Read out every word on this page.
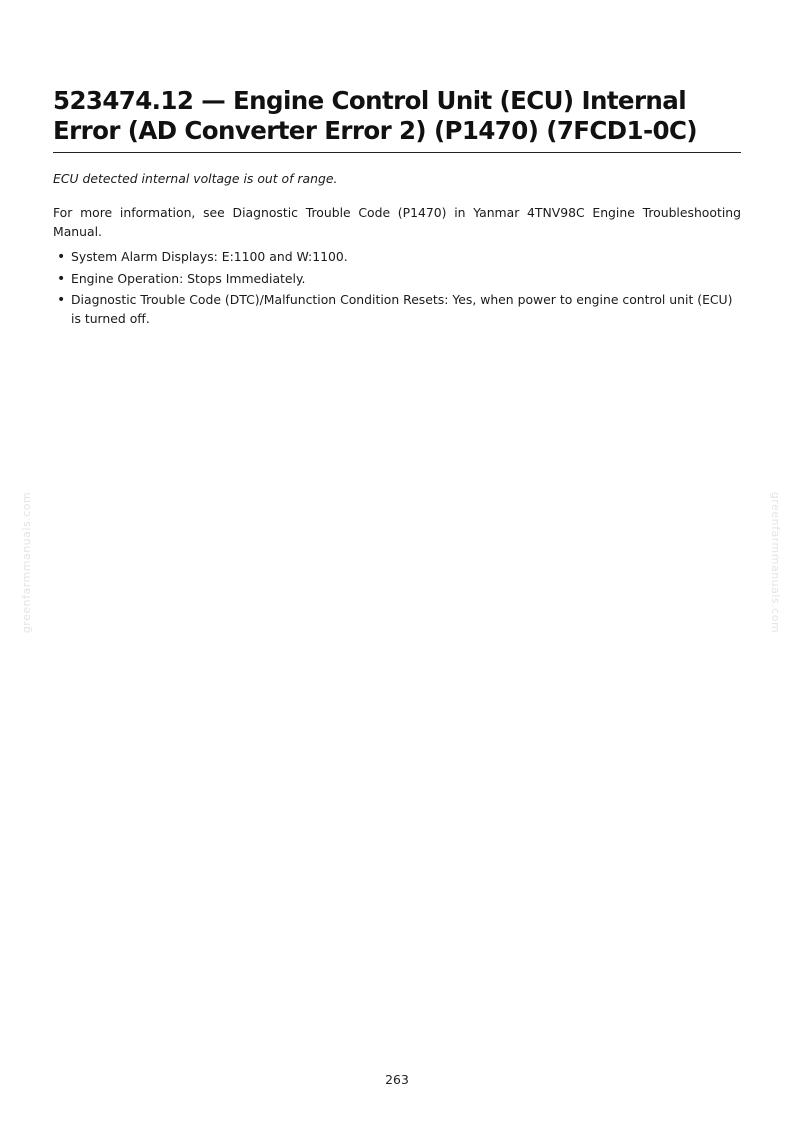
greenfarmmanuals.com	greenfarmmanuals.com
523474.12 — Engine Control Unit (ECU) Internal Error (AD Converter Error 2) (P1470) (7FCD1-0C)

ECU detected internal voltage is out of range.

For more information, see Diagnostic Trouble Code (P1470) in Yanmar 4TNV98C Engine Troubleshooting Manual.

• System Alarm Displays: E:1100 and W:1100.
• Engine Operation: Stops Immediately.
• Diagnostic Trouble Code (DTC)/Malfunction Condition Resets: Yes, when power to engine control unit (ECU) is turned off.
263
